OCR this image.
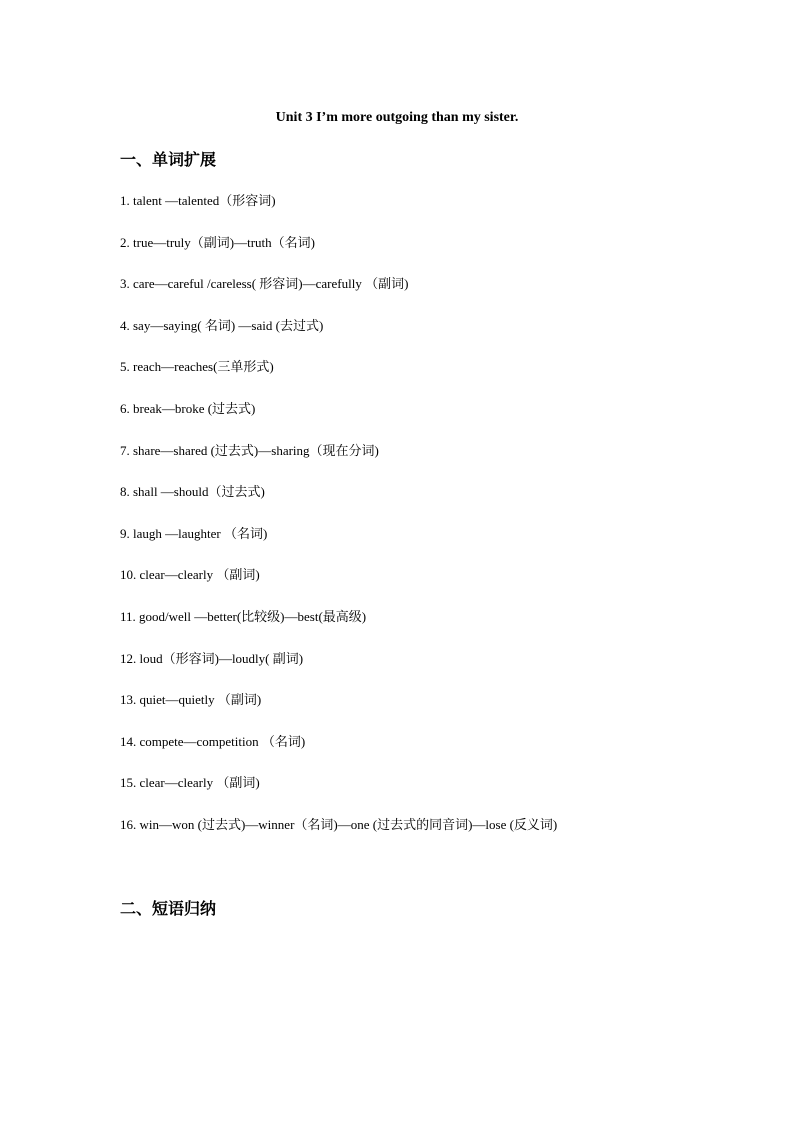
Unit 3 I’m more outgoing than my sister.
一、单词扩展
1. talent —talented（形容词)
2. true—truly（副词)—truth（名词)
3. care—careful /careless( 形容词)—carefully （副词)
4. say—saying( 名词) —said (去过式)
5. reach—reaches(三单形式)
6. break—broke (过去式)
7. share—shared (过去式)—sharing（现在分词)
8. shall —should（过去式)
9. laugh —laughter （名词)
10. clear—clearly （副词)
11. good/well —better(比较级)—best(最高级)
12. loud（形容词)—loudly( 副词)
13. quiet—quietly （副词)
14. compete—competition （名词)
15. clear—clearly （副词)
16. win—won (过去式)—winner（名词)—one (过去式的同音词)—lose (反义词)
二、短语归纳
